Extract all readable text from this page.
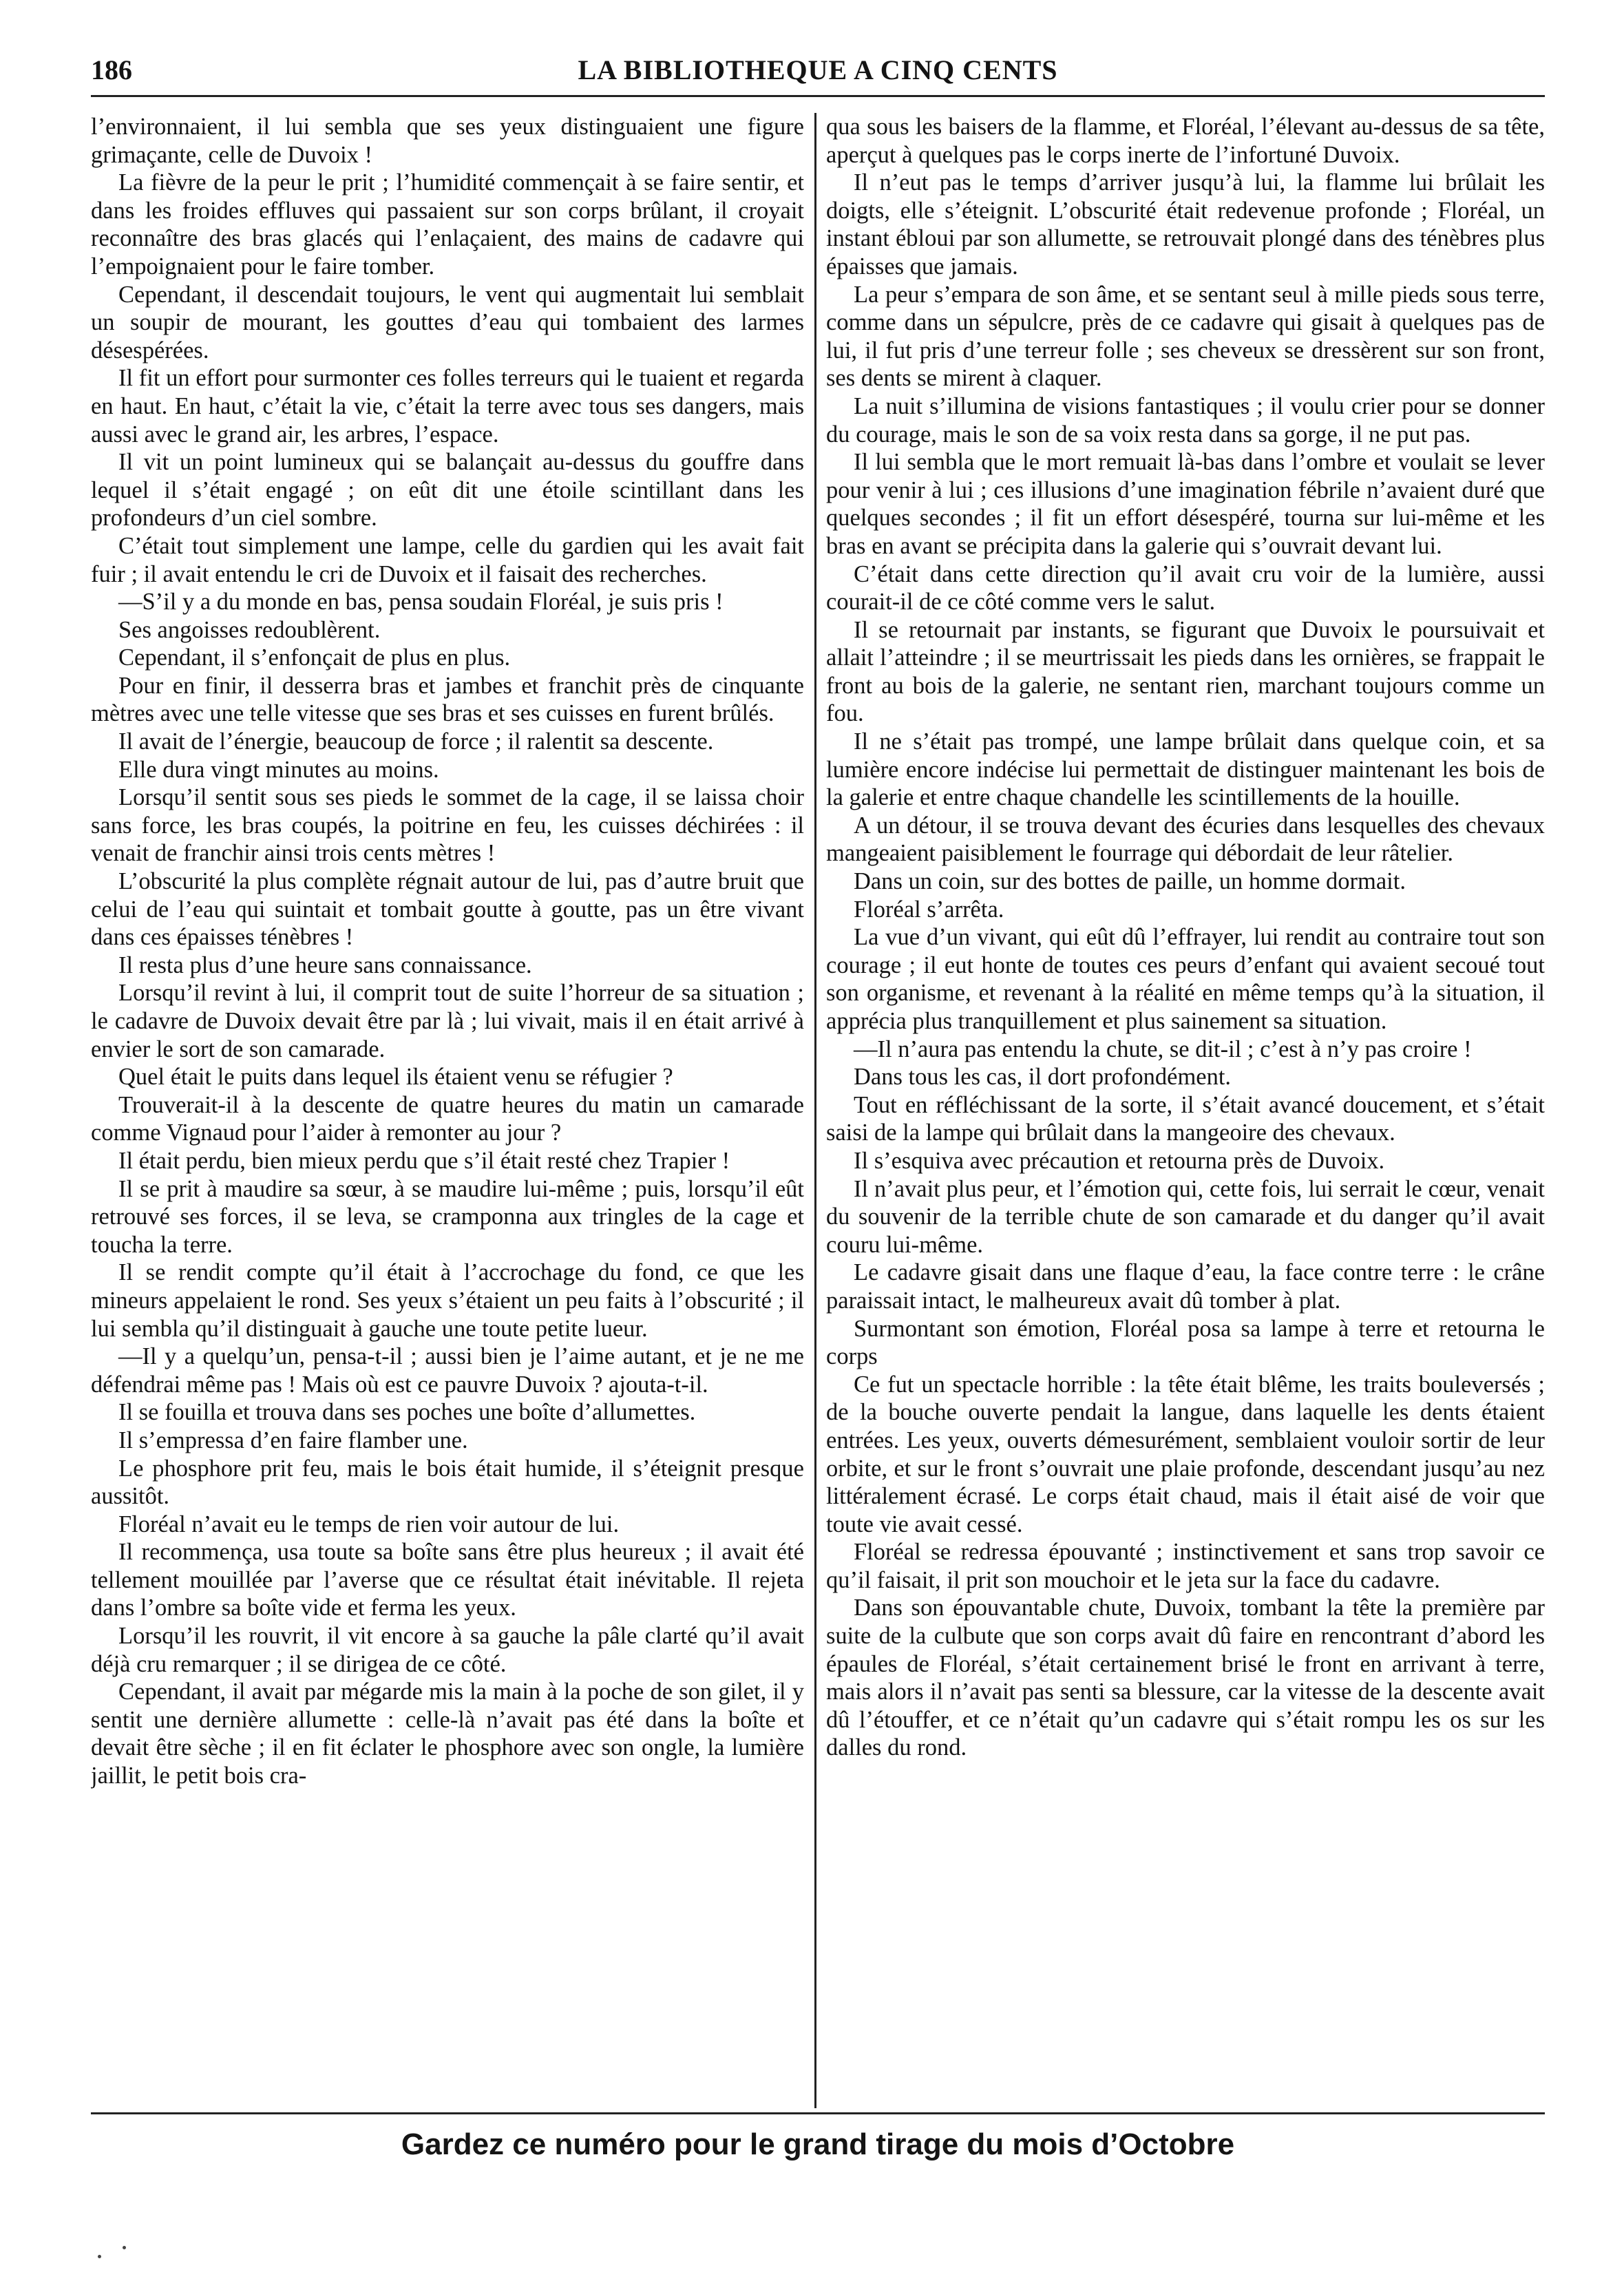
186	LA BIBLIOTHEQUE A CINQ CENTS

l’environnaient, il lui sembla que ses yeux distinguaient une figure grimaçante, celle de Duvoix !

La fièvre de la peur le prit ; l’humidité commençait à se faire sentir, et dans les froides effluves qui passaient sur son corps brûlant, il croyait reconnaître des bras glacés qui l’enlaçaient, des mains de cadavre qui l’empoignaient pour le faire tomber.

Cependant, il descendait toujours, le vent qui augmentait lui semblait un soupir de mourant, les gouttes d’eau qui tombaient des larmes désespérées.

Il fit un effort pour surmonter ces folles terreurs qui le tuaient et regarda en haut. En haut, c’était la vie, c’était la terre avec tous ses dangers, mais aussi avec le grand air, les arbres, l’espace.

Il vit un point lumineux qui se balançait au-dessus du gouffre dans lequel il s’était engagé ; on eût dit une étoile scintillant dans les profondeurs d’un ciel sombre.

C’était tout simplement une lampe, celle du gardien qui les avait fait fuir ; il avait entendu le cri de Duvoix et il faisait des recherches.

—S’il y a du monde en bas, pensa soudain Floréal, je suis pris !

Ses angoisses redoublèrent.

Cependant, il s’enfonçait de plus en plus.

Pour en finir, il desserra bras et jambes et franchit près de cinquante mètres avec une telle vitesse que ses bras et ses cuisses en furent brûlés.

Il avait de l’énergie, beaucoup de force ; il ralentit sa descente.

Elle dura vingt minutes au moins.

Lorsqu’il sentit sous ses pieds le sommet de la cage, il se laissa choir sans force, les bras coupés, la poitrine en feu, les cuisses déchirées : il venait de franchir ainsi trois cents mètres !

L’obscurité la plus complète régnait autour de lui, pas d’autre bruit que celui de l’eau qui suintait et tombait goutte à goutte, pas un être vivant dans ces épaisses ténèbres !

Il resta plus d’une heure sans connaissance.

Lorsqu’il revint à lui, il comprit tout de suite l’horreur de sa situation ; le cadavre de Duvoix devait être par là ; lui vivait, mais il en était arrivé à envier le sort de son camarade.

Quel était le puits dans lequel ils étaient venu se réfugier ?

Trouverait-il à la descente de quatre heures du matin un camarade comme Vignaud pour l’aider à remonter au jour ?

Il était perdu, bien mieux perdu que s’il était resté chez Trapier !

Il se prit à maudire sa sœur, à se maudire lui-même ; puis, lorsqu’il eût retrouvé ses forces, il se leva, se cramponna aux tringles de la cage et toucha la terre.

Il se rendit compte qu’il était à l’accrochage du fond, ce que les mineurs appelaient le rond. Ses yeux s’étaient un peu faits à l’obscurité ; il lui sembla qu’il distinguait à gauche une toute petite lueur.

—Il y a quelqu’un, pensa-t-il ; aussi bien je l’aime autant, et je ne me défendrai même pas ! Mais où est ce pauvre Duvoix ? ajouta-t-il.

Il se fouilla et trouva dans ses poches une boîte d’allumettes.

Il s’empressa d’en faire flamber une.

Le phosphore prit feu, mais le bois était humide, il s’éteignit presque aussitôt.

Floréal n’avait eu le temps de rien voir autour de lui.

Il recommença, usa toute sa boîte sans être plus heureux ; il avait été tellement mouillée par l’averse que ce résultat était inévitable. Il rejeta dans l’ombre sa boîte vide et ferma les yeux.

Lorsqu’il les rouvrit, il vit encore à sa gauche la pâle clarté qu’il avait déjà cru remarquer ; il se dirigea de ce côté.

Cependant, il avait par mégarde mis la main à la poche de son gilet, il y sentit une dernière allumette : celle-là n’avait pas été dans la boîte et devait être sèche ; il en fit éclater le phosphore avec son ongle, la lumière jaillit, le petit bois cra-

qua sous les baisers de la flamme, et Floréal, l’élevant au-dessus de sa tête, aperçut à quelques pas le corps inerte de l’infortuné Duvoix.

Il n’eut pas le temps d’arriver jusqu’à lui, la flamme lui brûlait les doigts, elle s’éteignit. L’obscurité était redevenue profonde ; Floréal, un instant ébloui par son allumette, se retrouvait plongé dans des ténèbres plus épaisses que jamais.

La peur s’empara de son âme, et se sentant seul à mille pieds sous terre, comme dans un sépulcre, près de ce cadavre qui gisait à quelques pas de lui, il fut pris d’une terreur folle ; ses cheveux se dressèrent sur son front, ses dents se mirent à claquer.

La nuit s’illumina de visions fantastiques ; il voulu crier pour se donner du courage, mais le son de sa voix resta dans sa gorge, il ne put pas.

Il lui sembla que le mort remuait là-bas dans l’ombre et voulait se lever pour venir à lui ; ces illusions d’une imagination fébrile n’avaient duré que quelques secondes ; il fit un effort désespéré, tourna sur lui-même et les bras en avant se précipita dans la galerie qui s’ouvrait devant lui.

C’était dans cette direction qu’il avait cru voir de la lumière, aussi courait-il de ce côté comme vers le salut.

Il se retournait par instants, se figurant que Duvoix le poursuivait et allait l’atteindre ; il se meurtrissait les pieds dans les ornières, se frappait le front au bois de la galerie, ne sentant rien, marchant toujours comme un fou.

Il ne s’était pas trompé, une lampe brûlait dans quelque coin, et sa lumière encore indécise lui permettait de distinguer maintenant les bois de la galerie et entre chaque chandelle les scintillements de la houille.

A un détour, il se trouva devant des écuries dans lesquelles des chevaux mangeaient paisiblement le fourrage qui débordait de leur râtelier.

Dans un coin, sur des bottes de paille, un homme dormait.

Floréal s’arrêta.

La vue d’un vivant, qui eût dû l’effrayer, lui rendit au contraire tout son courage ; il eut honte de toutes ces peurs d’enfant qui avaient secoué tout son organisme, et revenant à la réalité en même temps qu’à la situation, il apprécia plus tranquillement et plus sainement sa situation.

—Il n’aura pas entendu la chute, se dit-il ; c’est à n’y pas croire !

Dans tous les cas, il dort profondément.

Tout en réfléchissant de la sorte, il s’était avancé doucement, et s’était saisi de la lampe qui brûlait dans la mangeoire des chevaux.

Il s’esquiva avec précaution et retourna près de Duvoix.

Il n’avait plus peur, et l’émotion qui, cette fois, lui serrait le cœur, venait du souvenir de la terrible chute de son camarade et du danger qu’il avait couru lui-même.

Le cadavre gisait dans une flaque d’eau, la face contre terre : le crâne paraissait intact, le malheureux avait dû tomber à plat.

Surmontant son émotion, Floréal posa sa lampe à terre et retourna le corps

Ce fut un spectacle horrible : la tête était blême, les traits bouleversés ; de la bouche ouverte pendait la langue, dans laquelle les dents étaient entrées. Les yeux, ouverts démesurément, semblaient vouloir sortir de leur orbite, et sur le front s’ouvrait une plaie profonde, descendant jusqu’au nez littéralement écrasé. Le corps était chaud, mais il était aisé de voir que toute vie avait cessé.

Floréal se redressa épouvanté ; instinctivement et sans trop savoir ce qu’il faisait, il prit son mouchoir et le jeta sur la face du cadavre.

Dans son épouvantable chute, Duvoix, tombant la tête la première par suite de la culbute que son corps avait dû faire en rencontrant d’abord les épaules de Floréal, s’était certainement brisé le front en arrivant à terre, mais alors il n’avait pas senti sa blessure, car la vitesse de la descente avait dû l’étouffer, et ce n’était qu’un cadavre qui s’était rompu les os sur les dalles du rond.

Gardez ce numéro pour le grand tirage du mois d’Octobre
